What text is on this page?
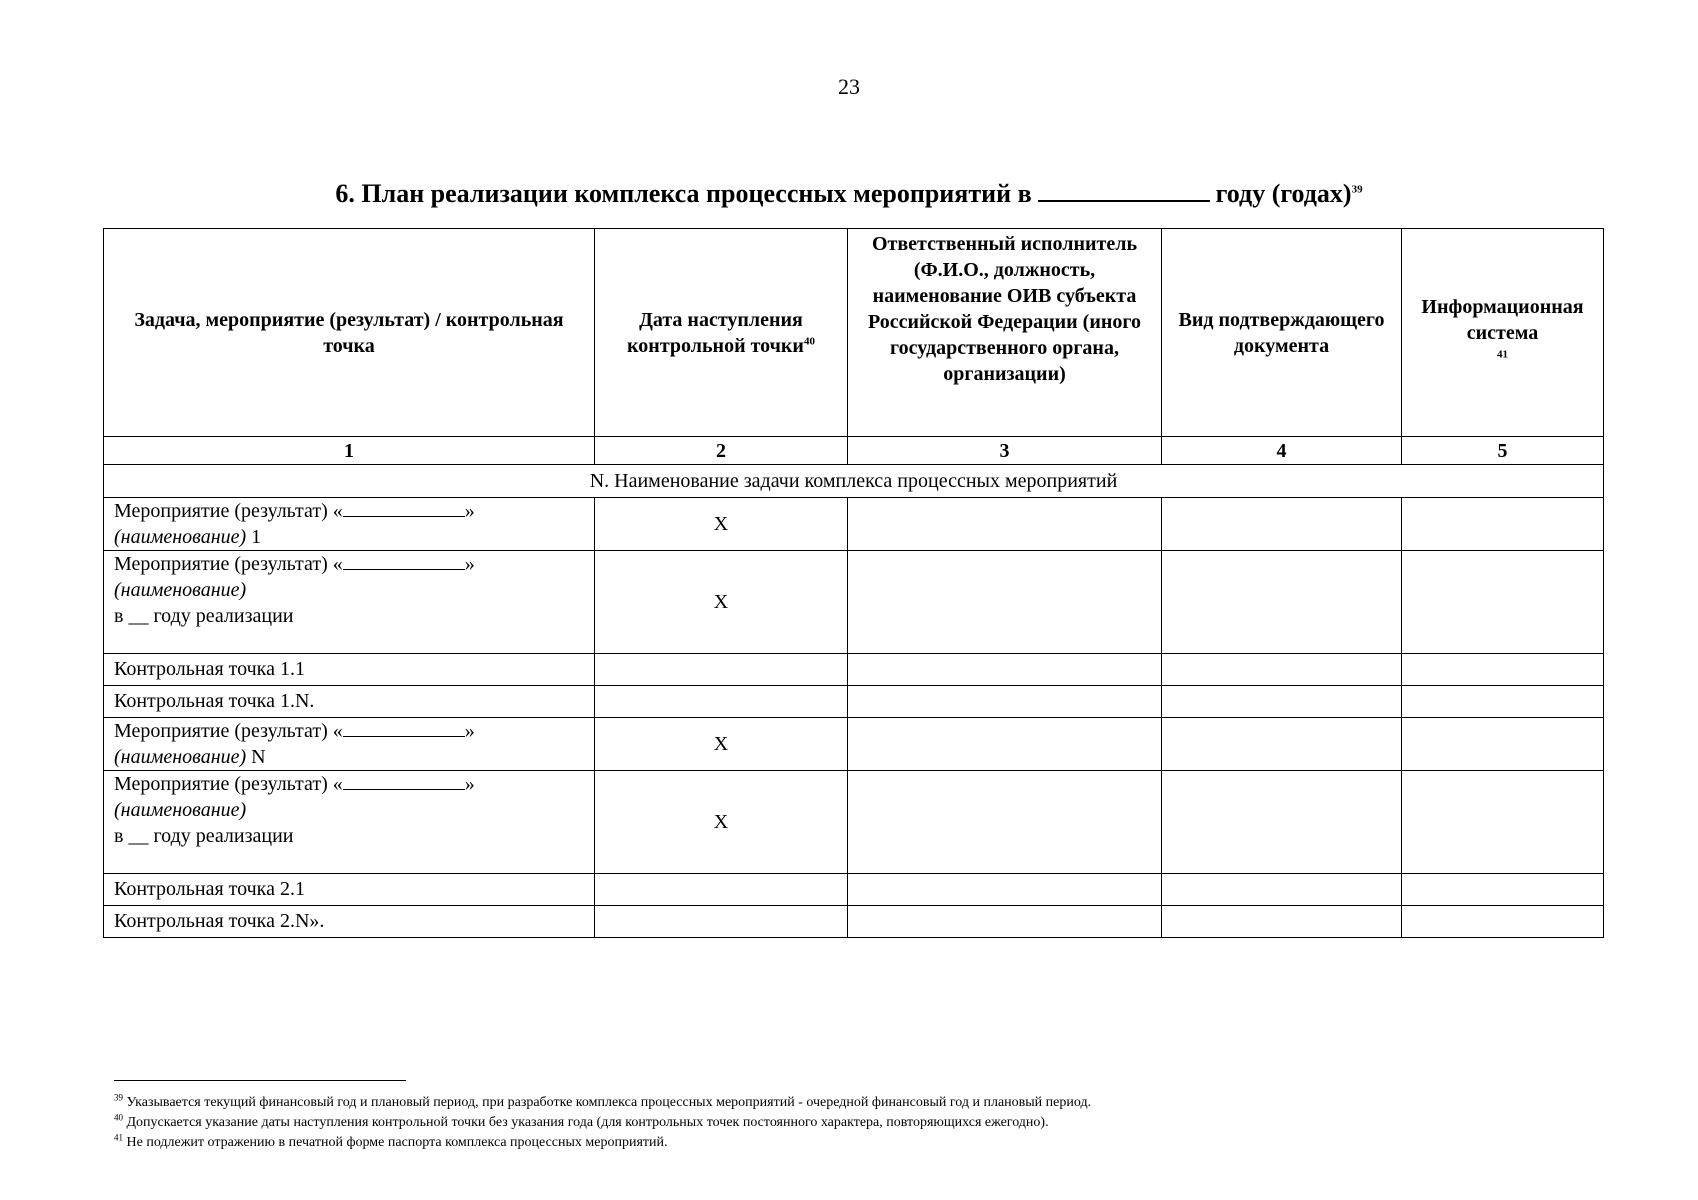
23
6. План реализации комплекса процессных мероприятий в	году (годах)$^{39}$
Задача, мероприятие (результат) / контрольная точка	Дата наступления контрольной точки$^{40}$	Ответственный исполнитель (Ф.И.О., должность, наименование ОИВ субъекта Российской Федерации (иного государственного органа, организации)	Вид подтверждающего документа	Информационная система
$^{41}$
1	2	3	4	5
N. Наименование задачи комплекса процессных мероприятий				
Мероприятие (результат) « »
(наименование) 1	X			
Мероприятие (результат) « »
(наименование)
в __ году реализации	X			
Контрольная точка 1.1				
Контрольная точка 1.N.				
Мероприятие (результат) « »
(наименование) N	X			
Мероприятие (результат) « »
(наименование)
в __ году реализации	X			
Контрольная точка 2.1				
Контрольная точка 2.N».				
$^{39}$ Указывается текущий финансовый год и плановый период, при разработке комплекса процессных мероприятий - очередной финансовый год и плановый период.
$^{40}$ Допускается указание даты наступления контрольной точки без указания года (для контрольных точек постоянного характера, повторяющихся ежегодно).
$^{41}$ Не подлежит отражению в печатной форме паспорта комплекса процессных мероприятий.
